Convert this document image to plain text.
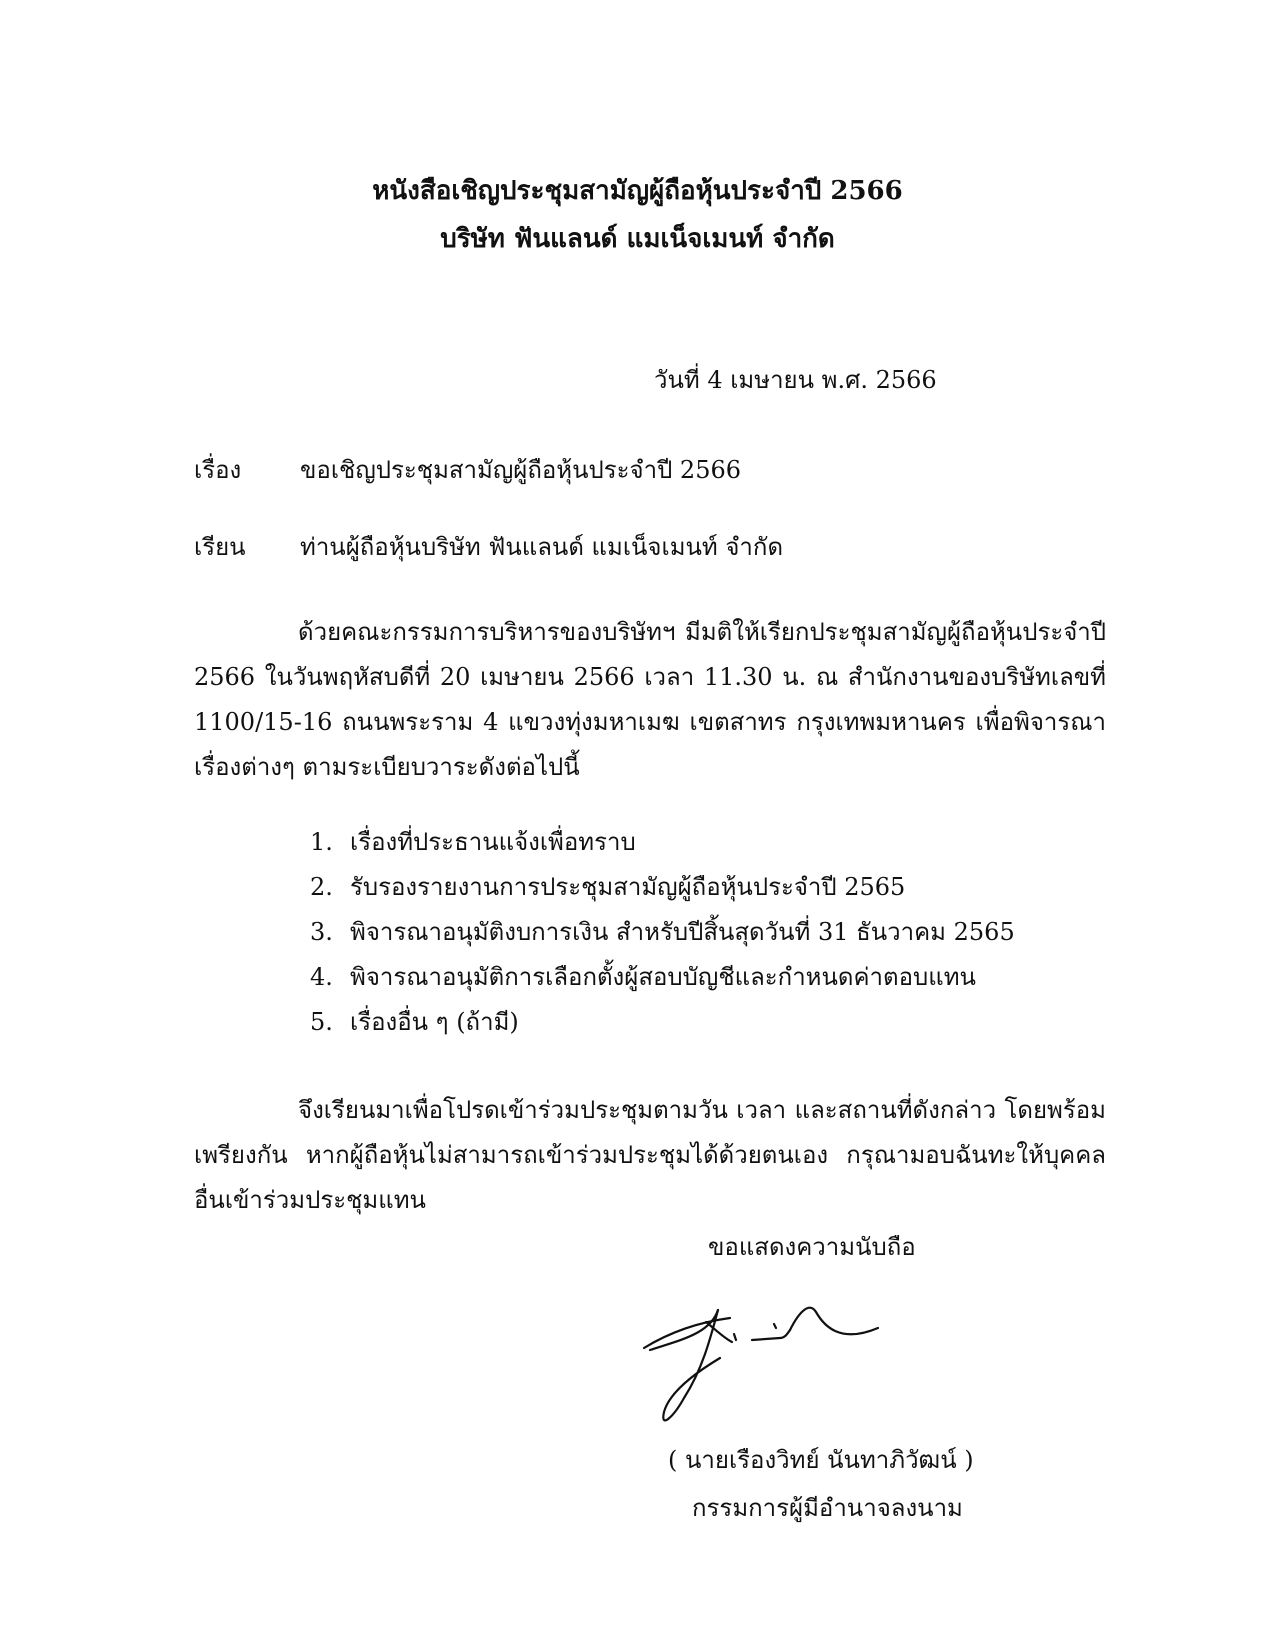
หนังสือเชิญประชุมสามัญผู้ถือหุ้นประจำปี 2566
บริษัท ฟันแลนด์ แมเน็จเมนท์ จำกัด
วันที่ 4 เมษายน พ.ศ. 2566
เรื่อง ขอเชิญประชุมสามัญผู้ถือหุ้นประจำปี 2566
เรียน ท่านผู้ถือหุ้นบริษัท ฟันแลนด์ แมเน็จเมนท์ จำกัด

ด้วยคณะกรรมการบริหารของบริษัทฯ มีมติให้เรียกประชุมสามัญผู้ถือหุ้นประจำปี 2566 ในวันพฤหัสบดีที่ 20 เมษายน 2566 เวลา 11.30 น. ณ สำนักงานของบริษัทเลขที่ 1100/15-16 ถนนพระราม 4 แขวงทุ่งมหาเมฆ เขตสาทร กรุงเทพมหานคร เพื่อพิจารณาเรื่องต่างๆ ตามระเบียบวาระดังต่อไปนี้

1. เรื่องที่ประธานแจ้งเพื่อทราบ
2. รับรองรายงานการประชุมสามัญผู้ถือหุ้นประจำปี 2565
3. พิจารณาอนุมัติงบการเงิน สำหรับปีสิ้นสุดวันที่ 31 ธันวาคม 2565
4. พิจารณาอนุมัติการเลือกตั้งผู้สอบบัญชีและกำหนดค่าตอบแทน
5. เรื่องอื่น ๆ (ถ้ามี)

จึงเรียนมาเพื่อโปรดเข้าร่วมประชุมตามวัน เวลา และสถานที่ดังกล่าว โดยพร้อมเพรียงกัน หากผู้ถือหุ้นไม่สามารถเข้าร่วมประชุมได้ด้วยตนเอง กรุณามอบฉันทะให้บุคคลอื่นเข้าร่วมประชุมแทน

ขอแสดงความนับถือ
( นายเรืองวิทย์ นันทาภิวัฒน์ )
กรรมการผู้มีอำนาจลงนาม
